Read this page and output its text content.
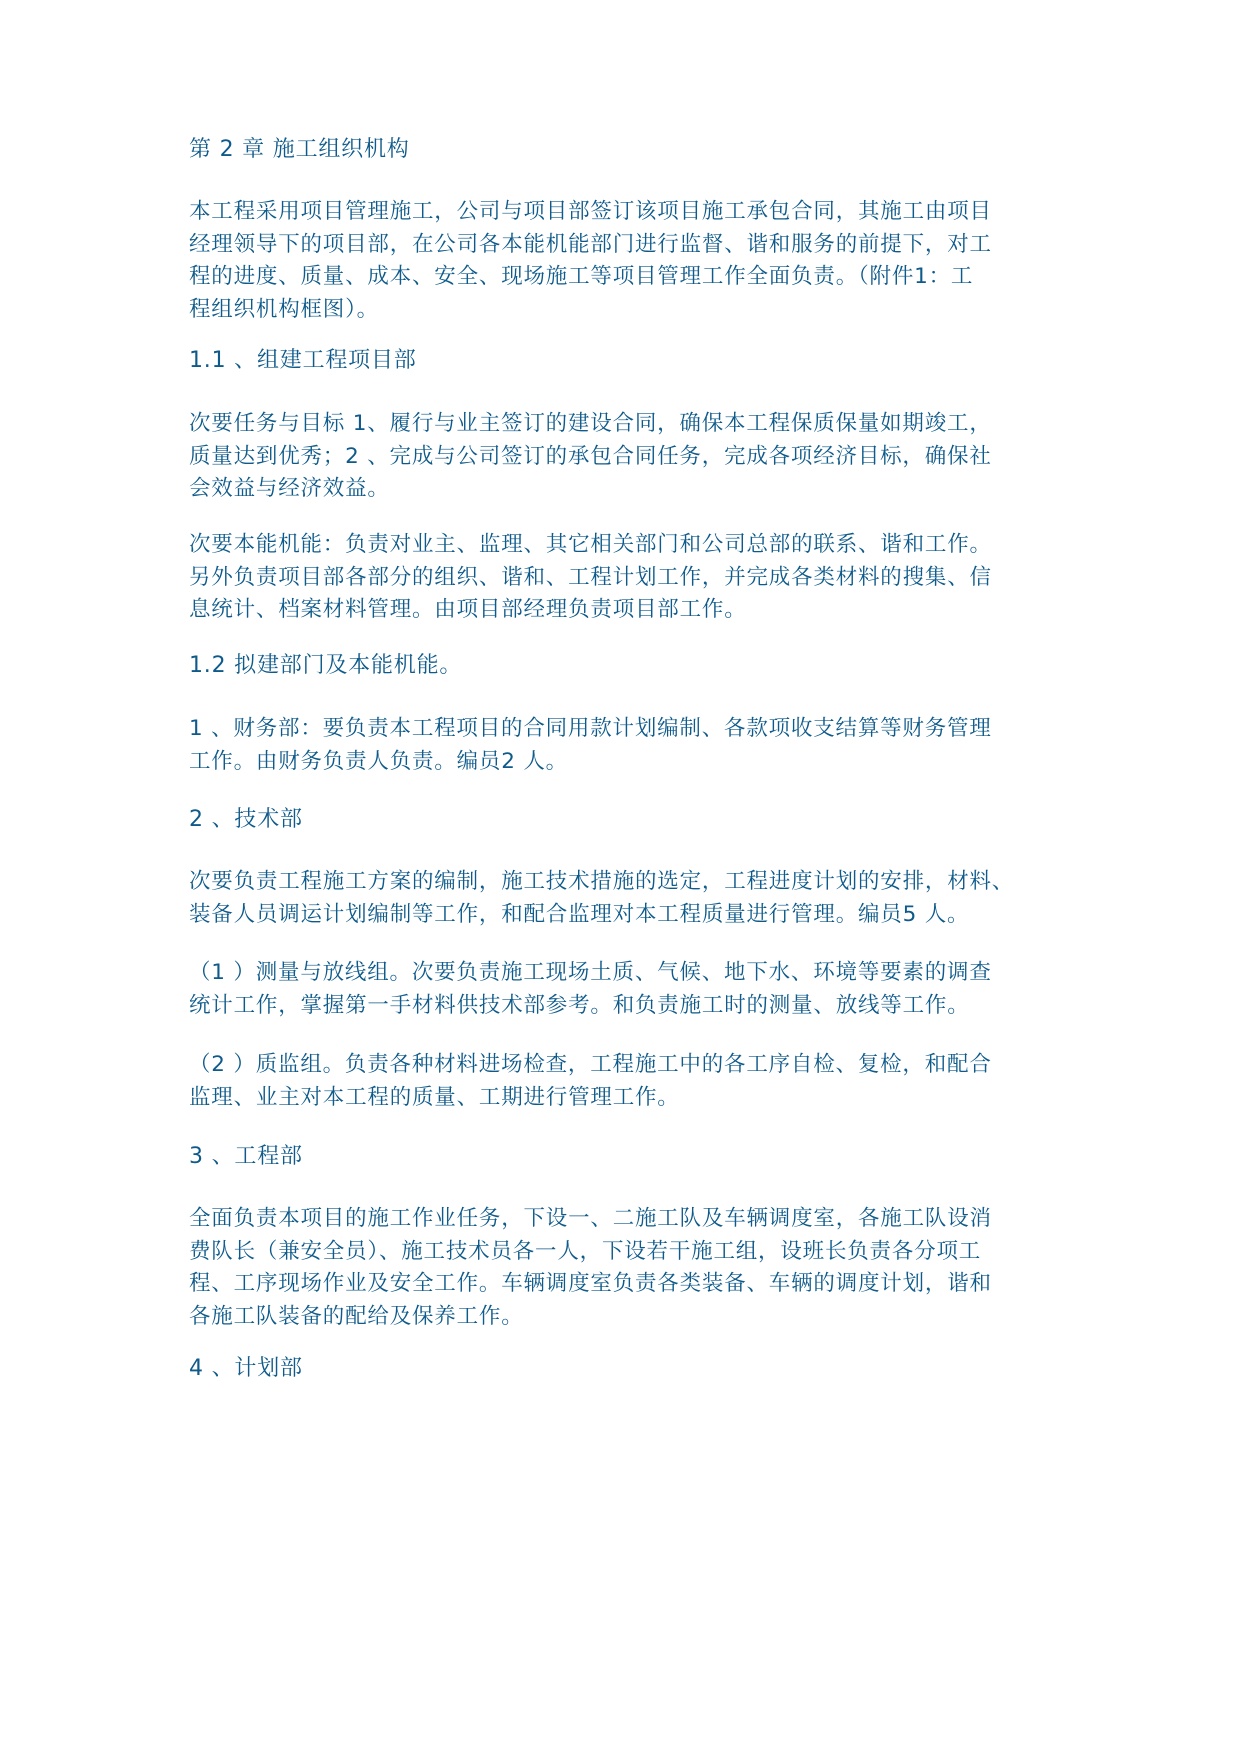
第 2 章 施工组织机构

本工程采用项目管理施工，公司与项目部签订该项目施工承包合同，其施工由项目
经理领导下的项目部，在公司各本能机能部门进行监督、谐和服务的前提下，对工
程的进度、质量、成本、安全、现场施工等项目管理工作全面负责。（附件1：工
程组织机构框图）。

1.1 、组建工程项目部

次要任务与目标 1、履行与业主签订的建设合同，确保本工程保质保量如期竣工，
质量达到优秀；2 、完成与公司签订的承包合同任务，完成各项经济目标，确保社
会效益与经济效益。
次要本能机能：负责对业主、监理、其它相关部门和公司总部的联系、谐和工作。
另外负责项目部各部分的组织、谐和、工程计划工作，并完成各类材料的搜集、信
息统计、档案材料管理。由项目部经理负责项目部工作。

1.2 拟建部门及本能机能。

1 、财务部：要负责本工程项目的合同用款计划编制、各款项收支结算等财务管理
工作。由财务负责人负责。编员2 人。

2 、技术部

次要负责工程施工方案的编制，施工技术措施的选定，工程进度计划的安排，材料、
装备人员调运计划编制等工作，和配合监理对本工程质量进行管理。编员5 人。
（1 ）测量与放线组。次要负责施工现场土质、气候、地下水、环境等要素的调查
统计工作，掌握第一手材料供技术部参考。和负责施工时的测量、放线等工作。
（2 ）质监组。负责各种材料进场检查，工程施工中的各工序自检、复检，和配合
监理、业主对本工程的质量、工期进行管理工作。

3 、工程部

全面负责本项目的施工作业任务，下设一、二施工队及车辆调度室，各施工队设消
费队长（兼安全员）、施工技术员各一人，下设若干施工组，设班长负责各分项工
程、工序现场作业及安全工作。车辆调度室负责各类装备、车辆的调度计划，谐和
各施工队装备的配给及保养工作。

4 、计划部
